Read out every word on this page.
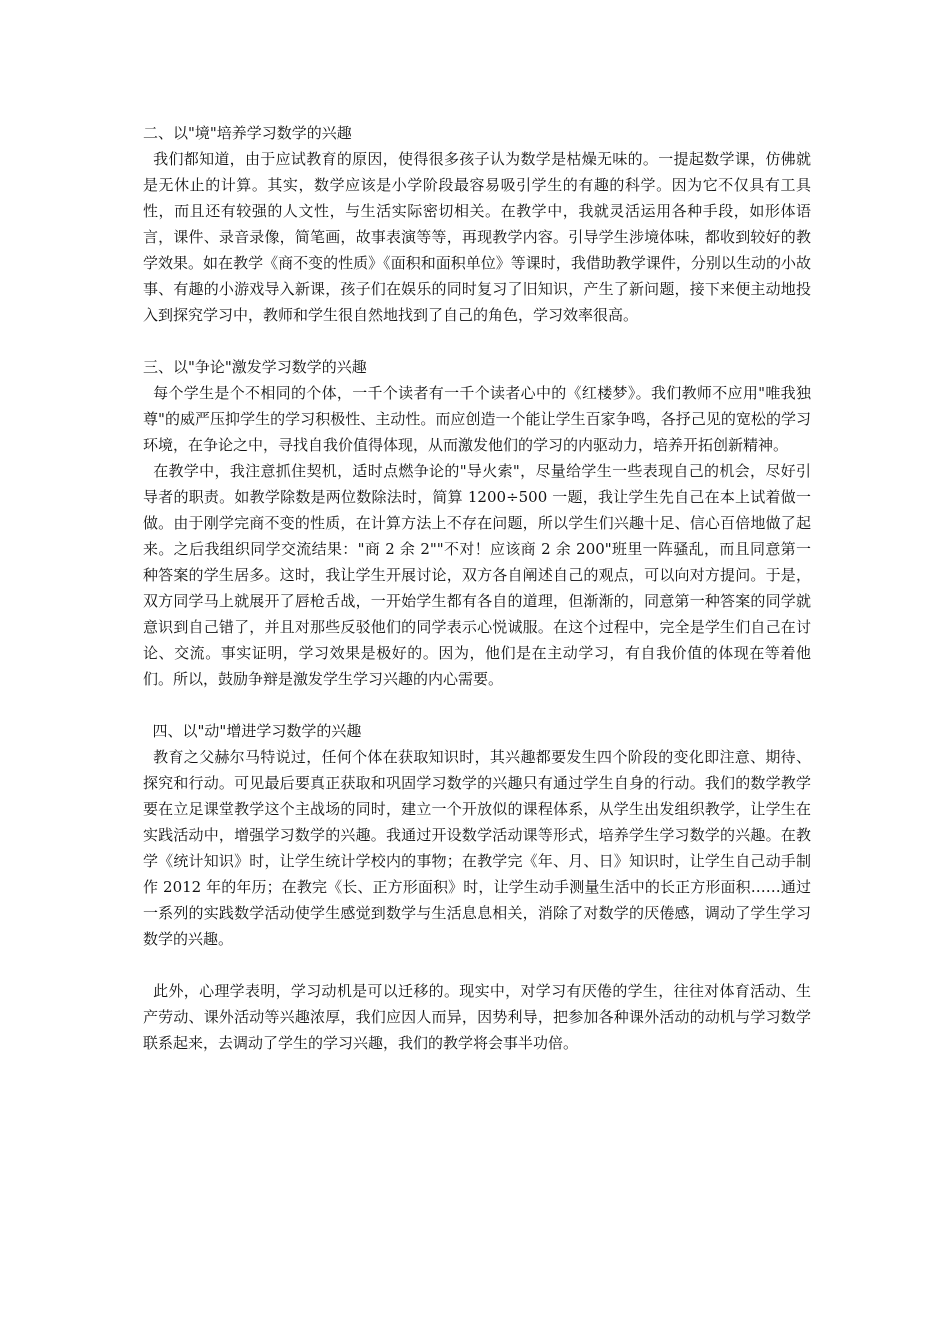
二、以"境"培养学习数学的兴趣

我们都知道，由于应试教育的原因，使得很多孩子认为数学是枯燥无味的。一提起数学课，仿佛就是无休止的计算。其实，数学应该是小学阶段最容易吸引学生的有趣的科学。因为它不仅具有工具性，而且还有较强的人文性，与生活实际密切相关。在教学中，我就灵活运用各种手段，如形体语言，课件、录音录像，简笔画，故事表演等等，再现教学内容。引导学生涉境体味，都收到较好的教学效果。如在教学《商不变的性质》《面积和面积单位》等课时，我借助教学课件，分别以生动的小故事、有趣的小游戏导入新课，孩子们在娱乐的同时复习了旧知识，产生了新问题，接下来便主动地投入到探究学习中，教师和学生很自然地找到了自己的角色，学习效率很高。

三、以"争论"激发学习数学的兴趣

每个学生是个不相同的个体，一千个读者有一千个读者心中的《红楼梦》。我们教师不应用"唯我独尊"的威严压抑学生的学习积极性、主动性。而应创造一个能让学生百家争鸣，各抒己见的宽松的学习环境，在争论之中，寻找自我价值得体现，从而激发他们的学习的内驱动力，培养开拓创新精神。

在教学中，我注意抓住契机，适时点燃争论的"导火索"，尽量给学生一些表现自己的机会，尽好引导者的职责。如教学除数是两位数除法时，简算 1200÷500 一题，我让学生先自己在本上试着做一做。由于刚学完商不变的性质，在计算方法上不存在问题，所以学生们兴趣十足、信心百倍地做了起来。之后我组织同学交流结果："商 2 余 2""不对！应该商 2 余 200"班里一阵骚乱，而且同意第一种答案的学生居多。这时，我让学生开展讨论，双方各自阐述自己的观点，可以向对方提问。于是，双方同学马上就展开了唇枪舌战，一开始学生都有各自的道理，但渐渐的，同意第一种答案的同学就意识到自己错了，并且对那些反驳他们的同学表示心悦诚服。在这个过程中，完全是学生们自己在讨论、交流。事实证明，学习效果是极好的。因为，他们是在主动学习，有自我价值的体现在等着他们。所以，鼓励争辩是激发学生学习兴趣的内心需要。

四、以"动"增进学习数学的兴趣

教育之父赫尔马特说过，任何个体在获取知识时，其兴趣都要发生四个阶段的变化即注意、期待、探究和行动。可见最后要真正获取和巩固学习数学的兴趣只有通过学生自身的行动。我们的数学教学要在立足课堂教学这个主战场的同时，建立一个开放似的课程体系，从学生出发组织教学，让学生在实践活动中，增强学习数学的兴趣。我通过开设数学活动课等形式，培养学生学习数学的兴趣。在教学《统计知识》时，让学生统计学校内的事物；在教学完《年、月、日》知识时，让学生自己动手制作 2012 年的年历；在教完《长、正方形面积》时，让学生动手测量生活中的长正方形面积……通过一系列的实践数学活动使学生感觉到数学与生活息息相关，消除了对数学的厌倦感，调动了学生学习数学的兴趣。

此外，心理学表明，学习动机是可以迁移的。现实中，对学习有厌倦的学生，往往对体育活动、生产劳动、课外活动等兴趣浓厚，我们应因人而异，因势利导，把参加各种课外活动的动机与学习数学联系起来，去调动了学生的学习兴趣，我们的教学将会事半功倍。
